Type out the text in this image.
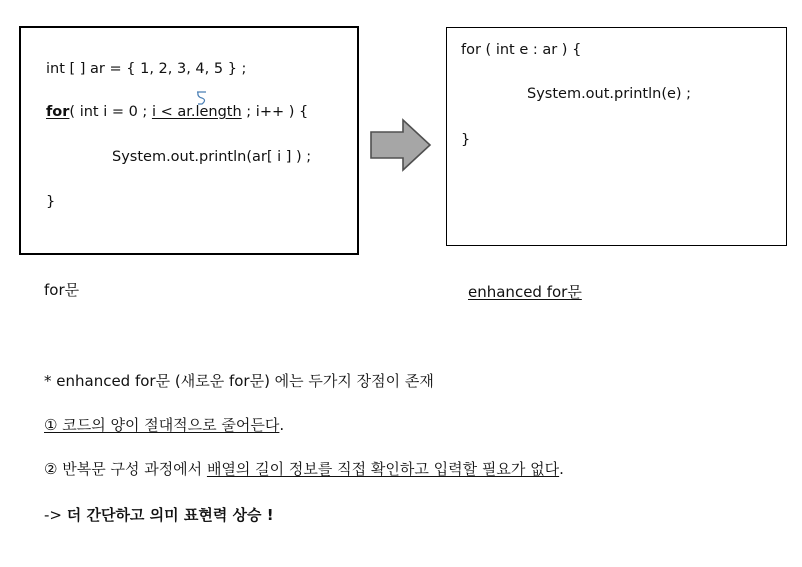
int [ ] ar = { 1, 2, 3, 4, 5 } ;
for( int i = 0 ; i < ar.length ; i++ ) {
System.out.println(ar[ i ] ) ;
}
for ( int e : ar ) {
System.out.println(e) ;
}
for문	enhanced for문
* enhanced for문 (새로운 for문) 에는 두가지 장점이 존재
① 코드의 양이 절대적으로 줄어든다.
② 반복문 구성 과정에서 배열의 길이 정보를 직접 확인하고 입력할 필요가 없다.
-> 더 간단하고 의미 표현력 상승 !
